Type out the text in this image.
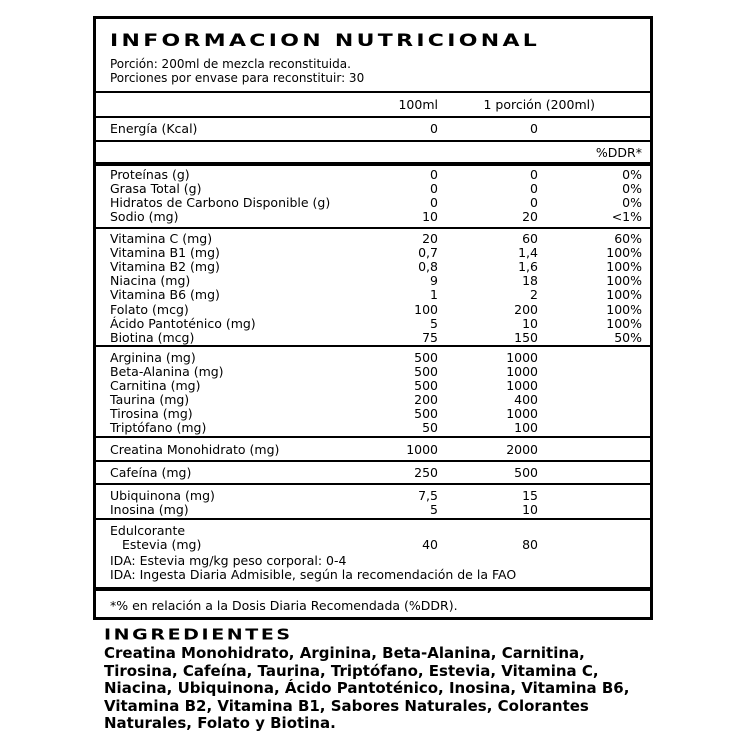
INFORMACION NUTRICIONAL
Porción: 200ml de mezcla reconstituida.
Porciones por envase para reconstituir: 30
100ml	1 porción (200ml)
Energía (Kcal)	0	0
%DDR*
Proteínas (g)	0	0	0%
Grasa Total (g)	0	0	0%
Hidratos de Carbono Disponible (g)	0	0	0%
Sodio (mg)	10	20	<1%
Vitamina C (mg)	20	60	60%
Vitamina B1 (mg)	0,7	1,4	100%
Vitamina B2 (mg)	0,8	1,6	100%
Niacina (mg)	9	18	100%
Vitamina B6 (mg)	1	2	100%
Folato (mcg)	100	200	100%
Ácido Pantoténico (mg)	5	10	100%
Biotina (mcg)	75	150	50%
Arginina (mg)	500	1000
Beta-Alanina (mg)	500	1000
Carnitina (mg)	500	1000
Taurina (mg)	200	400
Tirosina (mg)	500	1000
Triptófano (mg)	50	100
Creatina Monohidrato (mg)	1000	2000
Cafeína (mg)	250	500
Ubiquinona (mg)	7,5	15
Inosina (mg)	5	10
Edulcorante
Estevia (mg)	40	80
IDA: Estevia mg/kg peso corporal: 0-4
IDA: Ingesta Diaria Admisible, según la recomendación de la FAO
*% en relación a la Dosis Diaria Recomendada (%DDR).
INGREDIENTES
Creatina Monohidrato, Arginina, Beta-Alanina, Carnitina, Tirosina, Cafeína, Taurina, Triptófano, Estevia, Vitamina C, Niacina, Ubiquinona, Ácido Pantoténico, Inosina, Vitamina B6, Vitamina B2, Vitamina B1, Sabores Naturales, Colorantes Naturales, Folato y Biotina.
